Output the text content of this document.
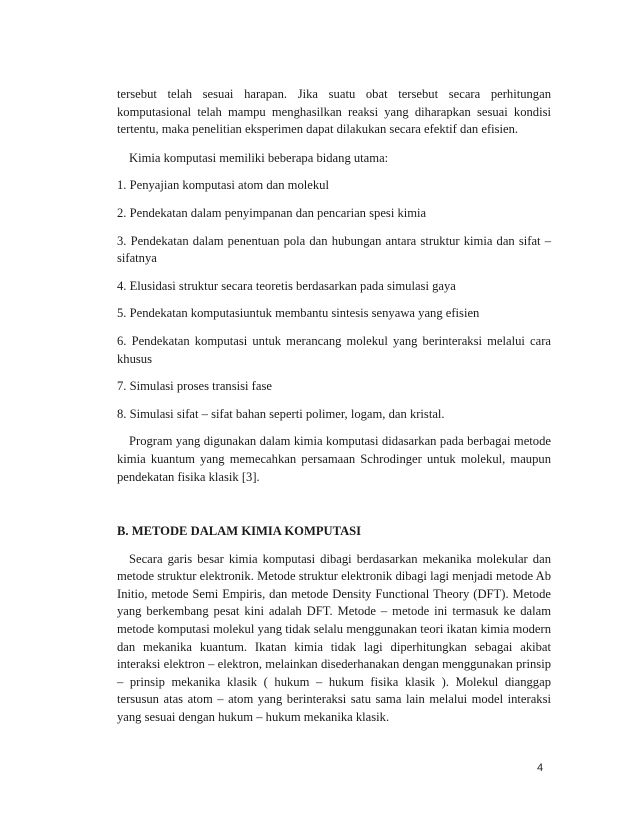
tersebut telah sesuai harapan. Jika suatu obat tersebut secara perhitungan komputasional telah mampu menghasilkan reaksi yang diharapkan sesuai kondisi tertentu, maka penelitian eksperimen dapat dilakukan secara efektif dan efisien.

Kimia komputasi memiliki beberapa bidang utama:

1. Penyajian komputasi atom dan molekul

2. Pendekatan dalam penyimpanan dan pencarian spesi kimia

3. Pendekatan dalam penentuan pola dan hubungan antara struktur kimia dan sifat – sifatnya

4. Elusidasi struktur secara teoretis berdasarkan pada simulasi gaya

5. Pendekatan komputasiuntuk membantu sintesis senyawa yang efisien

6. Pendekatan komputasi untuk merancang molekul yang berinteraksi melalui cara khusus

7. Simulasi proses transisi fase

8. Simulasi sifat – sifat bahan seperti polimer, logam, dan kristal.

Program yang digunakan dalam kimia komputasi didasarkan pada berbagai metode kimia kuantum yang memecahkan persamaan Schrodinger untuk molekul, maupun pendekatan fisika klasik [3].

B. METODE DALAM KIMIA KOMPUTASI

Secara garis besar kimia komputasi dibagi berdasarkan mekanika molekular dan metode struktur elektronik. Metode struktur elektronik dibagi lagi menjadi metode Ab Initio, metode Semi Empiris, dan metode Density Functional Theory (DFT). Metode yang berkembang pesat kini adalah DFT. Metode – metode ini termasuk ke dalam metode komputasi molekul yang tidak selalu menggunakan teori ikatan kimia modern dan mekanika kuantum. Ikatan kimia tidak lagi diperhitungkan sebagai akibat interaksi elektron – elektron, melainkan disederhanakan dengan menggunakan prinsip – prinsip mekanika klasik ( hukum – hukum fisika klasik ). Molekul dianggap tersusun atas atom – atom yang berinteraksi satu sama lain melalui model interaksi yang sesuai dengan hukum – hukum mekanika klasik.

4
